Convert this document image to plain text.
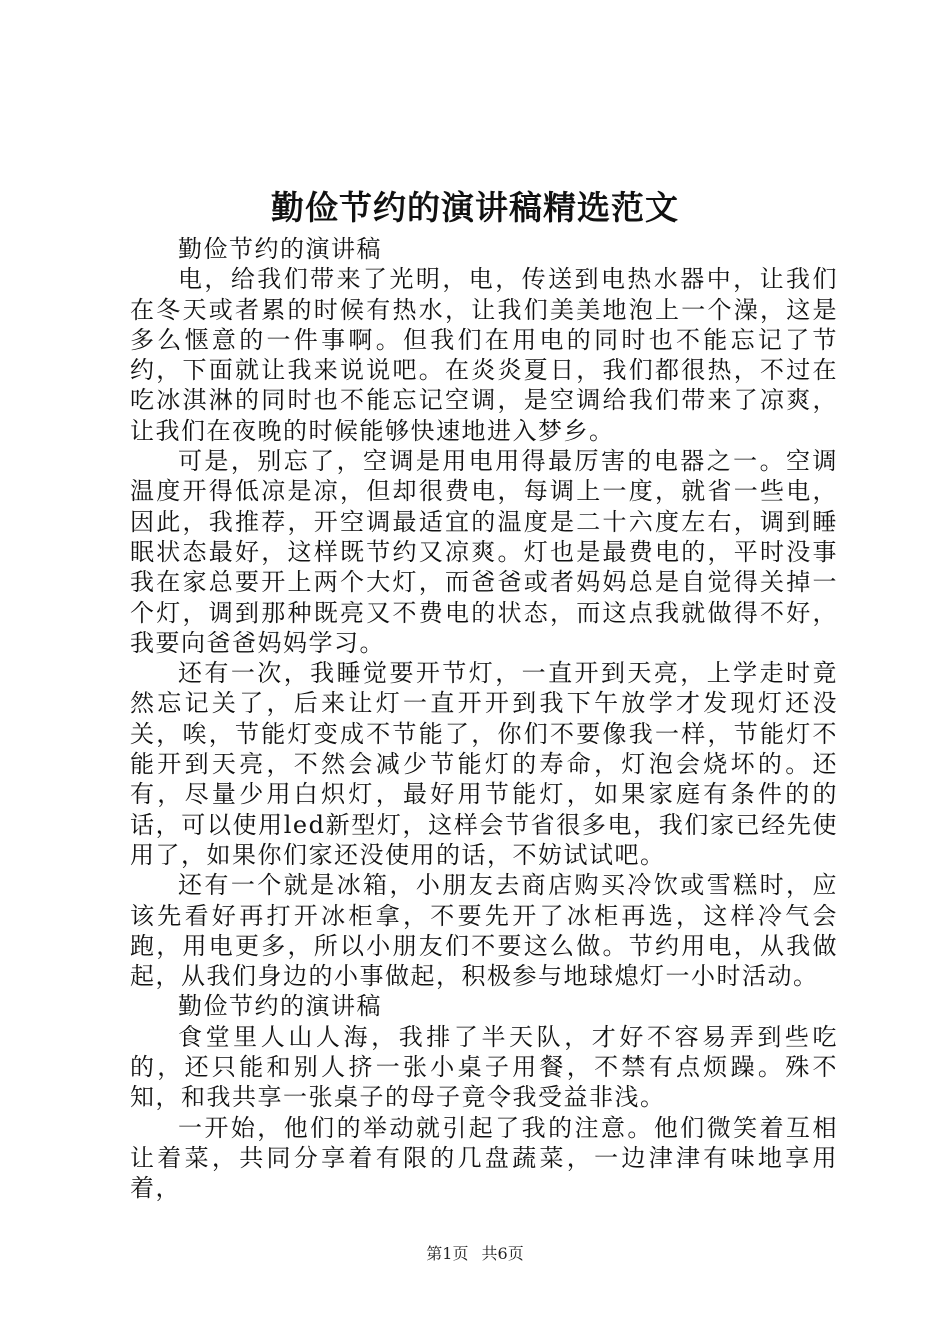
勤俭节约的演讲稿精选范文

勤俭节约的演讲稿

电，给我们带来了光明，电，传送到电热水器中，让我们在冬天或者累的时候有热水，让我们美美地泡上一个澡，这是多么惬意的一件事啊。但我们在用电的同时也不能忘记了节约，下面就让我来说说吧。在炎炎夏日，我们都很热，不过在吃冰淇淋的同时也不能忘记空调，是空调给我们带来了凉爽，让我们在夜晚的时候能够快速地进入梦乡。

可是，别忘了，空调是用电用得最厉害的电器之一。空调温度开得低凉是凉，但却很费电，每调上一度，就省一些电，因此，我推荐，开空调最适宜的温度是二十六度左右，调到睡眠状态最好，这样既节约又凉爽。灯也是最费电的，平时没事我在家总要开上两个大灯，而爸爸或者妈妈总是自觉得关掉一个灯，调到那种既亮又不费电的状态，而这点我就做得不好，我要向爸爸妈妈学习。

还有一次，我睡觉要开节灯，一直开到天亮，上学走时竟然忘记关了，后来让灯一直开开到我下午放学才发现灯还没关，唉，节能灯变成不节能了，你们不要像我一样，节能灯不能开到天亮，不然会减少节能灯的寿命，灯泡会烧坏的。还有，尽量少用白炽灯，最好用节能灯，如果家庭有条件的的话，可以使用led新型灯，这样会节省很多电，我们家已经先使用了，如果你们家还没使用的话，不妨试试吧。

还有一个就是冰箱，小朋友去商店购买冷饮或雪糕时，应该先看好再打开冰柜拿，不要先开了冰柜再选，这样冷气会跑，用电更多，所以小朋友们不要这么做。节约用电，从我做起，从我们身边的小事做起，积极参与地球熄灯一小时活动。

勤俭节约的演讲稿

食堂里人山人海，我排了半天队，才好不容易弄到些吃的，还只能和别人挤一张小桌子用餐，不禁有点烦躁。殊不知，和我共享一张桌子的母子竟令我受益非浅。

一开始，他们的举动就引起了我的注意。他们微笑着互相让着菜，共同分享着有限的几盘蔬菜，一边津津有味地享用着，

第1页 共6页
